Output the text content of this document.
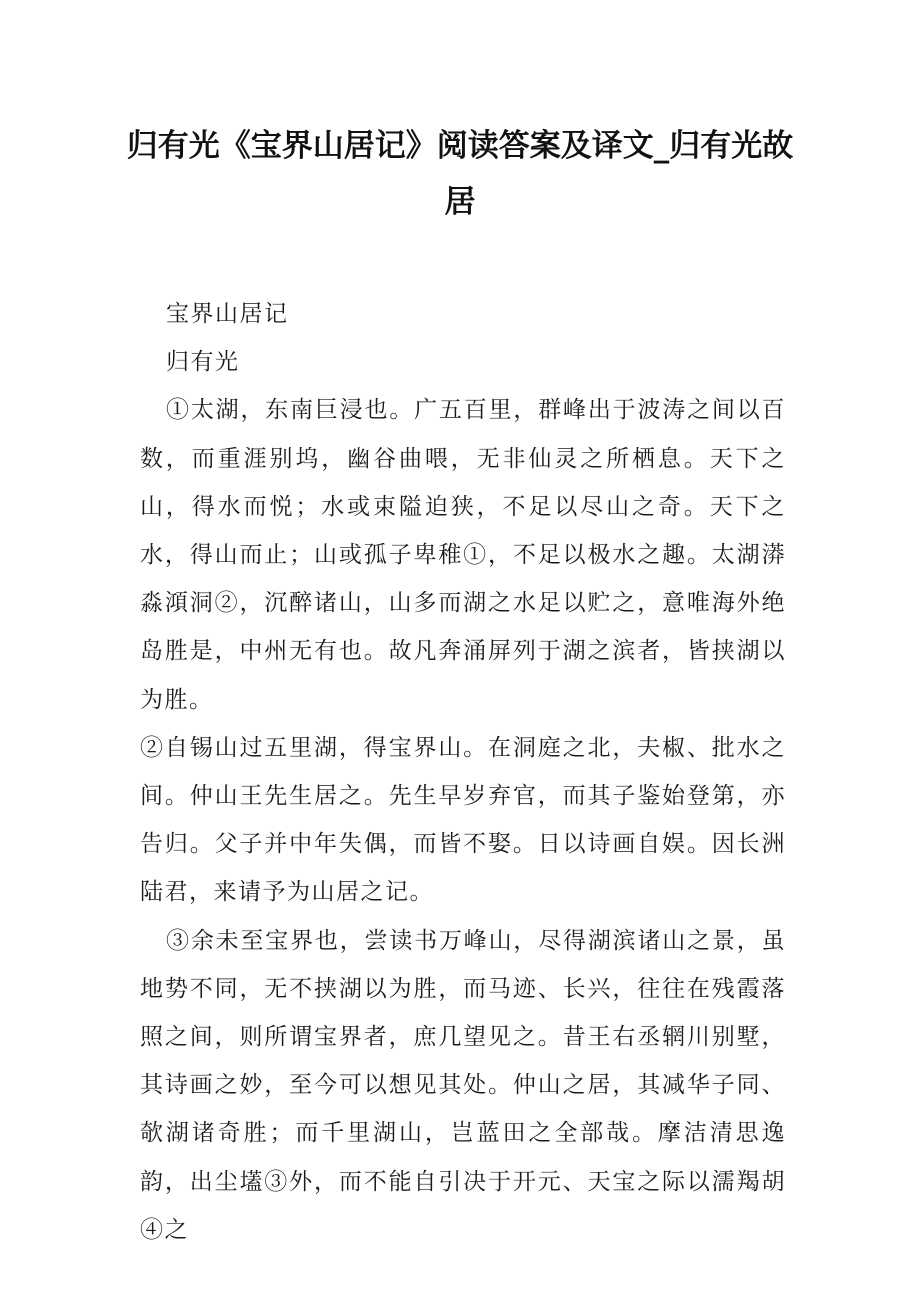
归有光《宝界山居记》阅读答案及译文_归有光故居

宝界山居记

归有光

①太湖，东南巨浸也。广五百里，群峰出于波涛之间以百数，而重涯别坞，幽谷曲喂，无非仙灵之所栖息。天下之山，得水而悦；水或束隘迫狭，不足以尽山之奇。天下之水，得山而止；山或孤子卑稚①，不足以极水之趣。太湖漭淼澒洞②，沉醉诸山，山多而湖之水足以贮之，意唯海外绝岛胜是，中州无有也。故凡奔涌屏列于湖之滨者，皆挟湖以为胜。

②自锡山过五里湖，得宝界山。在洞庭之北，夫椒、批水之间。仲山王先生居之。先生早岁弃官，而其子鉴始登第，亦告归。父子并中年失偶，而皆不娶。日以诗画自娱。因长洲陆君，来请予为山居之记。

③余未至宝界也，尝读书万峰山，尽得湖滨诸山之景，虽地势不同，无不挟湖以为胜，而马迹、长兴，往往在残霞落照之间，则所谓宝界者，庶几望见之。昔王右丞辋川别墅，其诗画之妙，至今可以想见其处。仲山之居，其减华子同、欹湖诸奇胜；而千里湖山，岂蓝田之全部哉。摩洁清思逸韵，出尘壒③外，而不能自引决于开元、天宝之际以濡羯胡④之
